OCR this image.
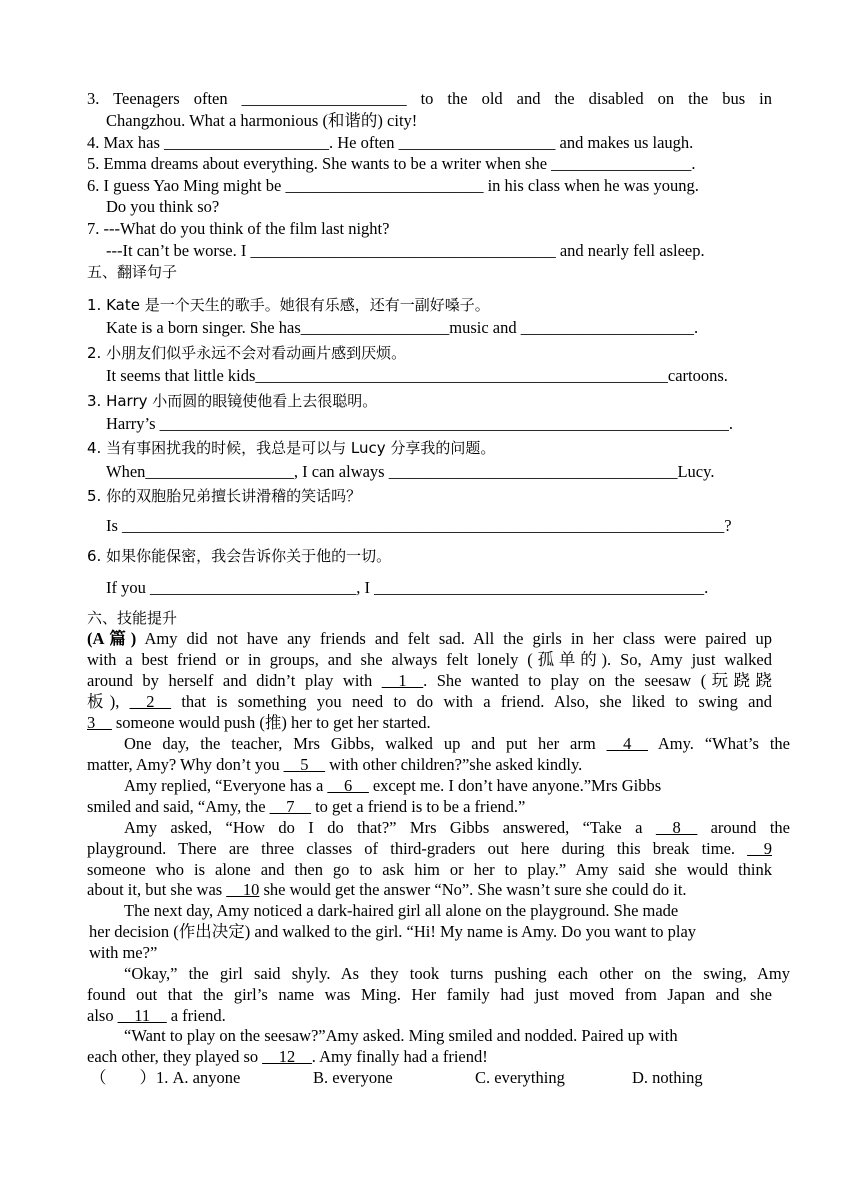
3. Teenagers often ____________________ to the old and the disabled on the bus in
Changzhou. What a harmonious (和谐的) city!
4. Max has ____________________. He often ___________________ and makes us laugh.
5. Emma dreams about everything. She wants to be a writer when she _________________.
6. I guess Yao Ming might be ________________________ in his class when he was young.
Do you think so?
7. ---What do you think of the film last night?
---It can’t be worse. I _____________________________________ and nearly fell asleep.
五、翻译句子
1. Kate 是一个天生的歌手。她很有乐感，还有一副好嗓子。
Kate is a born singer. She has__________________music and _____________________.
2. 小朋友们似乎永远不会对看动画片感到厌烦。
It seems that little kids__________________________________________________cartoons.
3. Harry 小而圆的眼镜使他看上去很聪明。
Harry’s _____________________________________________________________________.
4. 当有事困扰我的时候，我总是可以与 Lucy 分享我的问题。
When__________________, I can always ___________________________________Lucy.
5. 你的双胞胎兄弟擅长讲滑稽的笑话吗？
Is _________________________________________________________________________?
6. 如果你能保密，我会告诉你关于他的一切。
If you _________________________, I ________________________________________.
六、技能提升
(A篇) Amy did not have any friends and felt sad. All the girls in her class were paired up
with a best friend or in groups, and she always felt lonely (孤单的). So, Amy just walked
around by herself and didn’t play with __1__. She wanted to play on the seesaw (玩跷跷
板), __2__ that is something you need to do with a friend. Also, she liked to swing and
3__ someone would push (推) her to get her started.
One day, the teacher, Mrs Gibbs, walked up and put her arm __4__ Amy. “What’s the
matter, Amy? Why don’t you __5__ with other children?”she asked kindly.
Amy replied, “Everyone has a __6__ except me. I don’t have anyone.”Mrs Gibbs
smiled and said, “Amy, the __7__ to get a friend is to be a friend.”
Amy asked, “How do I do that?” Mrs Gibbs answered, “Take a __8__ around the
playground. There are three classes of third-graders out here during this break time. __9
someone who is alone and then go to ask him or her to play.” Amy said she would think
about it, but she was __10 she would get the answer “No”. She wasn’t sure she could do it.
The next day, Amy noticed a dark-haired girl all alone on the playground. She made
her decision (作出决定) and walked to the girl. “Hi! My name is Amy. Do you want to play
with me?”
“Okay,” the girl said shyly. As they took turns pushing each other on the swing, Amy
found out that the girl’s name was Ming. Her family had just moved from Japan and she
also __11__ a friend.
“Want to play on the seesaw?”Amy asked. Ming smiled and nodded. Paired up with
each other, they played so __12__. Amy finally had a friend!
（　　）1. A. anyone	B. everyone	C. everything	D. nothing
